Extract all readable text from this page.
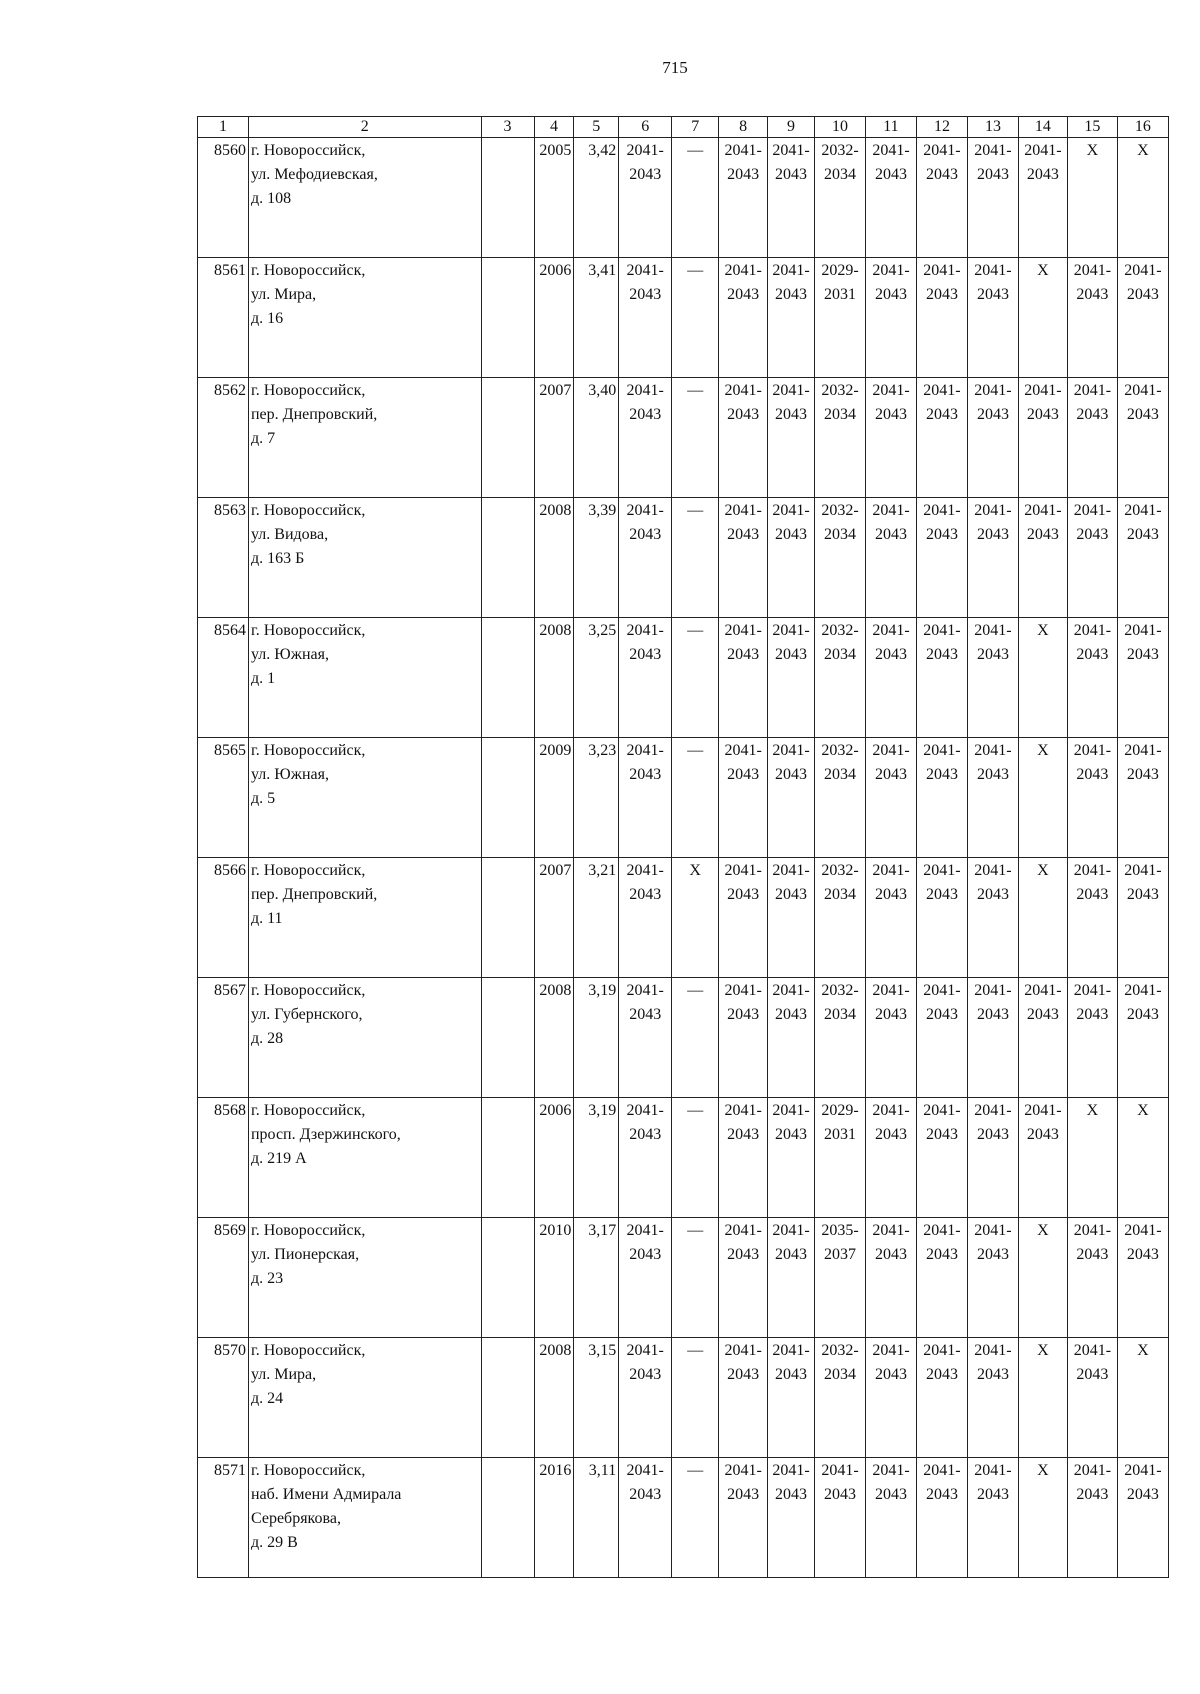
715
1	2	3	4	5	6	7	8	9	10	11	12	13	14	15	16
8560	г. Новороссийск,
ул. Мефодиевская,
д. 108		2005	3,42	2041-
2043	—	2041-
2043	2041-
2043	2032-
2034	2041-
2043	2041-
2043	2041-
2043	2041-
2043	Х	Х

8561	г. Новороссийск,
ул. Мира,
д. 16		2006	3,41	2041-
2043	—	2041-
2043	2041-
2043	2029-
2031	2041-
2043	2041-
2043	2041-
2043	Х	2041-
2043	2041-
2043

8562	г. Новороссийск,
пер. Днепровский,
д. 7		2007	3,40	2041-
2043	—	2041-
2043	2041-
2043	2032-
2034	2041-
2043	2041-
2043	2041-
2043	2041-
2043	2041-
2043	2041-
2043

8563	г. Новороссийск,
ул. Видова,
д. 163 Б		2008	3,39	2041-
2043	—	2041-
2043	2041-
2043	2032-
2034	2041-
2043	2041-
2043	2041-
2043	2041-
2043	2041-
2043	2041-
2043

8564	г. Новороссийск,
ул. Южная,
д. 1		2008	3,25	2041-
2043	—	2041-
2043	2041-
2043	2032-
2034	2041-
2043	2041-
2043	2041-
2043	Х	2041-
2043	2041-
2043

8565	г. Новороссийск,
ул. Южная,
д. 5		2009	3,23	2041-
2043	—	2041-
2043	2041-
2043	2032-
2034	2041-
2043	2041-
2043	2041-
2043	Х	2041-
2043	2041-
2043

8566	г. Новороссийск,
пер. Днепровский,
д. 11		2007	3,21	2041-
2043	Х	2041-
2043	2041-
2043	2032-
2034	2041-
2043	2041-
2043	2041-
2043	Х	2041-
2043	2041-
2043

8567	г. Новороссийск,
ул. Губернского,
д. 28		2008	3,19	2041-
2043	—	2041-
2043	2041-
2043	2032-
2034	2041-
2043	2041-
2043	2041-
2043	2041-
2043	2041-
2043	2041-
2043

8568	г. Новороссийск,
просп. Дзержинского,
д. 219 А		2006	3,19	2041-
2043	—	2041-
2043	2041-
2043	2029-
2031	2041-
2043	2041-
2043	2041-
2043	2041-
2043	Х	Х

8569	г. Новороссийск,
ул. Пионерская,
д. 23		2010	3,17	2041-
2043	—	2041-
2043	2041-
2043	2035-
2037	2041-
2043	2041-
2043	2041-
2043	Х	2041-
2043	2041-
2043

8570	г. Новороссийск,
ул. Мира,
д. 24		2008	3,15	2041-
2043	—	2041-
2043	2041-
2043	2032-
2034	2041-
2043	2041-
2043	2041-
2043	Х	2041-
2043	Х

8571	г. Новороссийск,
наб. Имени Адмирала
Серебрякова,
д. 29 В		2016	3,11	2041-
2043	—	2041-
2043	2041-
2043	2041-
2043	2041-
2043	2041-
2043	2041-
2043	Х	2041-
2043	2041-
2043
